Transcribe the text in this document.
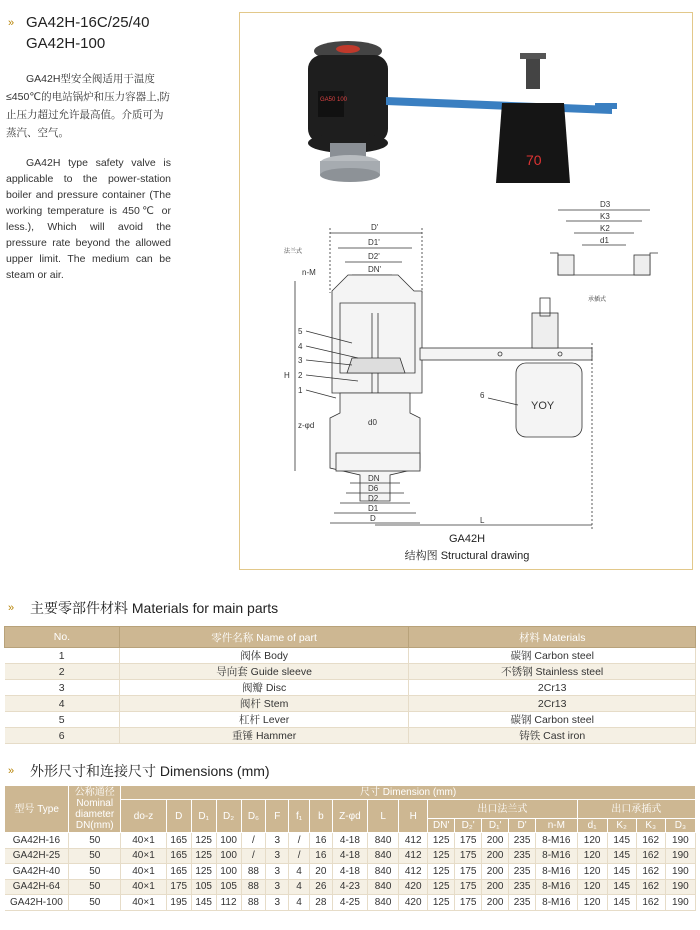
» GA42H-16C/25/40
GA42H-100
GA42H型安全阀适用于温度≤450℃的电站锅炉和压力容器上,防止压力超过允许最高值。介质可为蒸汽、空气。
GA42H type safety valve is applicable to the power-station boiler and pressure container (The working temperature is 450℃ or less.), Which will avoid the pressure rate beyond the allowed upper limit. The medium can be steam or air.
GA50 100
70
YOY
D'
D1'
D2'
DN'
D3
K3
K2
d1
n-M
H
z-φd	d0
DN
D6
D2
D1
D	L
5
4
3
2
1
6
法兰式
承插式
GA42H
结构图 Structural drawing
»	主要零部件材料 Materials for main parts
No.	零件名称 Name of part	材料 Materials
1	阀体 Body	碳钢 Carbon steel
2	导向套 Guide sleeve	不锈钢 Stainless steel
3	阀瓣 Disc	2Cr13
4	阀杆 Stem	2Cr13
5	杠杆 Lever	碳钢 Carbon steel
6	重锤 Hammer	铸铁 Cast iron
»	外形尺寸和连接尺寸 Dimensions (mm)
型号 Type	公称通径 Nominal diameter DN(mm)	尺寸 Dimension (mm)																			
		do-z	D	D₁	D₂	D₆	F	f₁	b	Z-φd	L	H	出口法兰式					出口承插式			
													DN'	D₂'	D₁'	D'	n-M	d₁	K₂	K₃	D₃
GA42H-16	50	40×1	165	125	100	/	3	/	16	4-18	840	412	125	175	200	235	8-M16	120	145	162	190
GA42H-25	50	40×1	165	125	100	/	3	/	16	4-18	840	412	125	175	200	235	8-M16	120	145	162	190
GA42H-40	50	40×1	165	125	100	88	3	4	20	4-18	840	412	125	175	200	235	8-M16	120	145	162	190
GA42H-64	50	40×1	175	105	105	88	3	4	26	4-23	840	420	125	175	200	235	8-M16	120	145	162	190
GA42H-100	50	40×1	195	145	112	88	3	4	28	4-25	840	420	125	175	200	235	8-M16	120	145	162	190
